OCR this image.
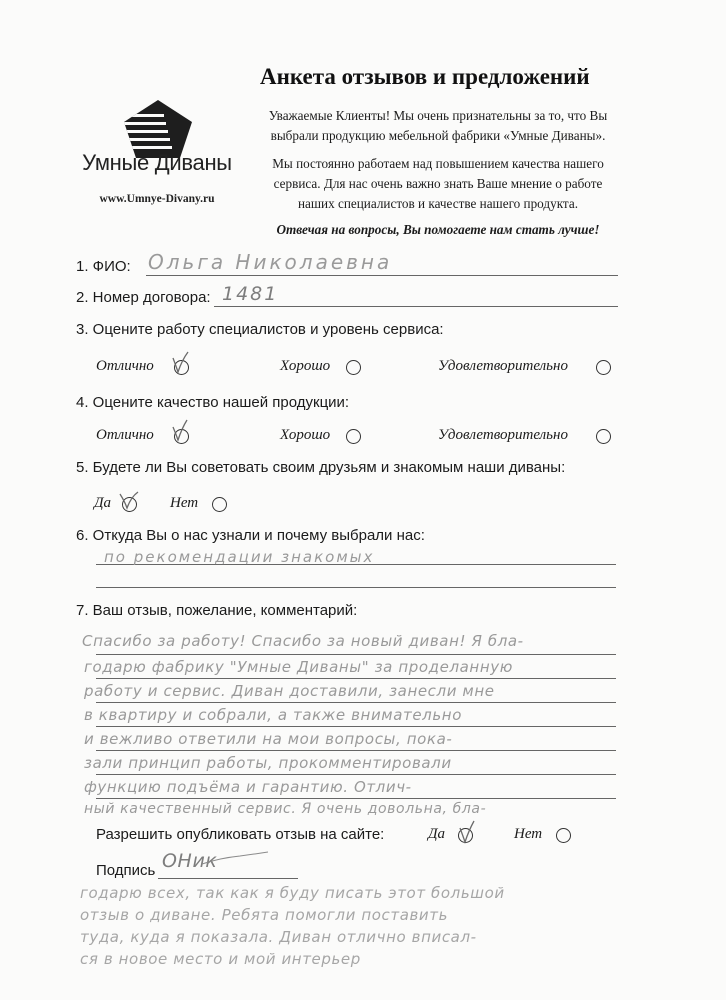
Умные Диваны
www.Umnye-Divany.ru
Анкета отзывов и предложений
Уважаемые Клиенты! Мы очень признательны за то, что Вы выбрали продукцию мебельной фабрики «Умные Диваны».
Мы постоянно работаем над повышением качества нашего сервиса. Для нас очень важно знать Ваше мнение о работе наших специалистов и качестве нашего продукта.
Отвечая на вопросы, Вы помогаете нам стать лучше!
1. ФИО: Ольга Николаевна
2. Номер договора: 1481
3. Оцените работу специалистов и уровень сервиса:
Отлично	Хорошо	Удовлетворительно
4. Оцените качество нашей продукции:
Отлично	Хорошо	Удовлетворительно
5. Будете ли Вы советовать своим друзьям и знакомым наши диваны:
Да	Нет
6. Откуда Вы о нас узнали и почему выбрали нас:
по рекомендации знакомых
7. Ваш отзыв, пожелание, комментарий:
Спасибо за работу! Спасибо за новый диван! Я бла-
годарю фабрику "Умные Диваны" за проделанную
работу и сервис. Диван доставили, занесли мне
в квартиру и собрали, а также внимательно
и вежливо ответили на мои вопросы, пока-
зали принцип работы, прокомментировали
функцию подъёма и гарантию. Отлич-
ный качественный сервис. Я очень довольна, бла-
Разрешить опубликовать отзыв на сайте:	Да	Нет
Подпись ОНик
годарю всех, так как я буду писать этот большой
отзыв о диване. Ребята помогли поставить
туда, куда я показала. Диван отлично вписал-
ся в новое место и мой интерьер
